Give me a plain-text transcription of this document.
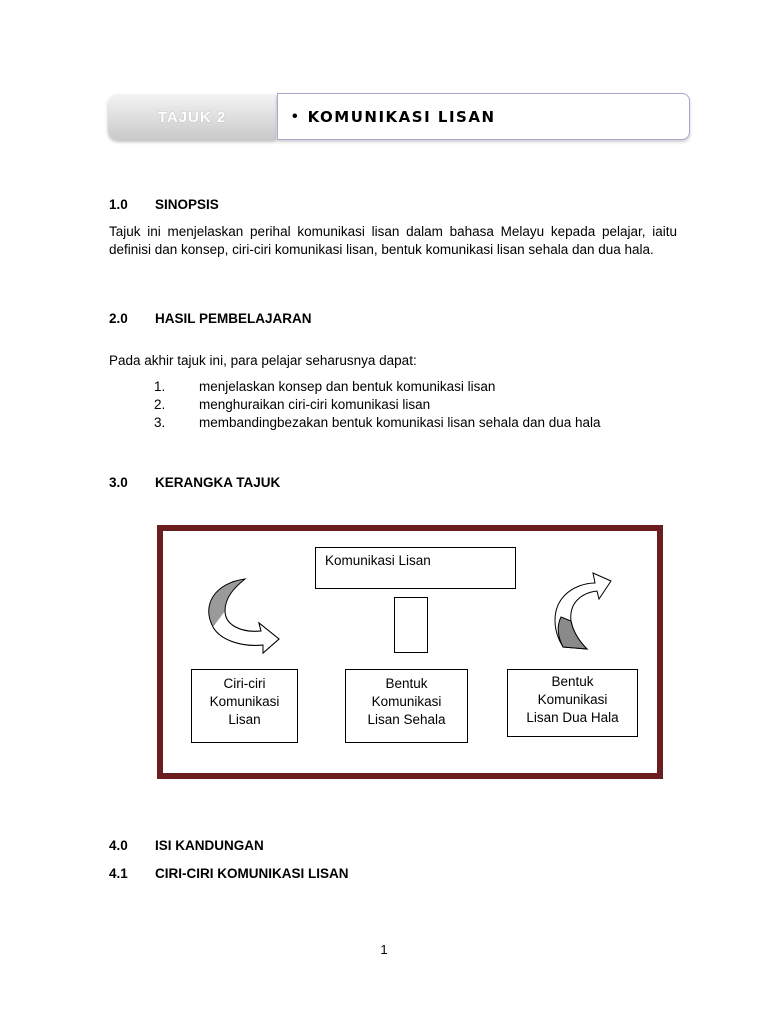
TAJUK 2	• KOMUNIKASI LISAN
1.0 SINOPSIS
Tajuk ini menjelaskan perihal komunikasi lisan dalam bahasa Melayu kepada pelajar, iaitu definisi dan konsep, ciri-ciri komunikasi lisan, bentuk komunikasi lisan sehala dan dua hala.
2.0 HASIL PEMBELAJARAN
Pada akhir tajuk ini, para pelajar seharusnya dapat:
1. menjelaskan konsep dan bentuk komunikasi lisan
2. menghuraikan ciri-ciri komunikasi lisan
3. membandingbezakan bentuk komunikasi lisan sehala dan dua hala
3.0 KERANGKA TAJUK
Komunikasi Lisan
Ciri-ciri
Komunikasi
Lisan
Bentuk
Komunikasi
Lisan Sehala
Bentuk
Komunikasi
Lisan Dua Hala
4.0 ISI KANDUNGAN
4.1 CIRI-CIRI KOMUNIKASI LISAN
1
